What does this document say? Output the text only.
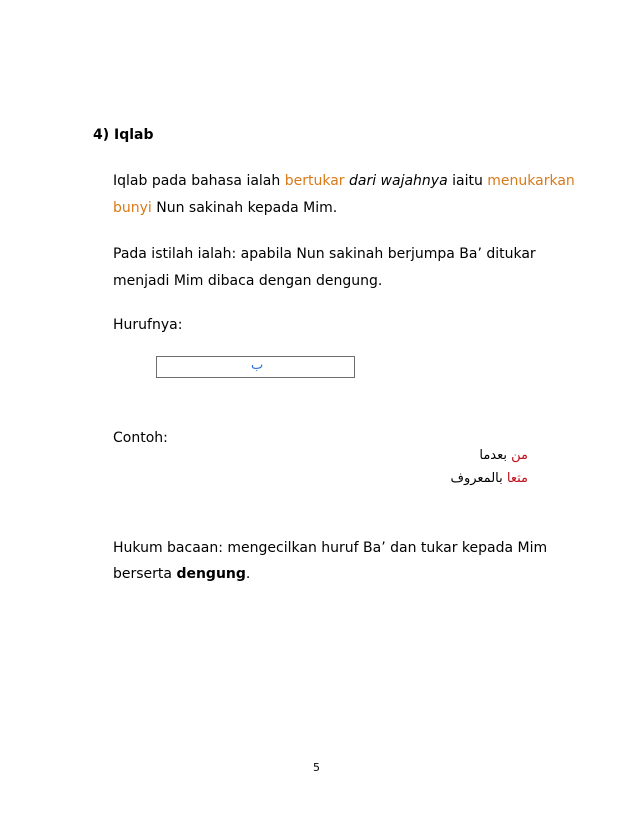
4) Iqlab
Iqlab pada bahasa ialah bertukar dari wajahnya iaitu menukarkan
bunyi Nun sakinah kepada Mim.
Pada istilah ialah: apabila Nun sakinah berjumpa Ba’ ditukar
menjadi Mim dibaca dengan dengung.
Hurufnya:
ب
Contoh:
من بعدما
متعا بالمعروف
Hukum bacaan: mengecilkan huruf Ba’ dan tukar kepada Mim
berserta dengung.
5
